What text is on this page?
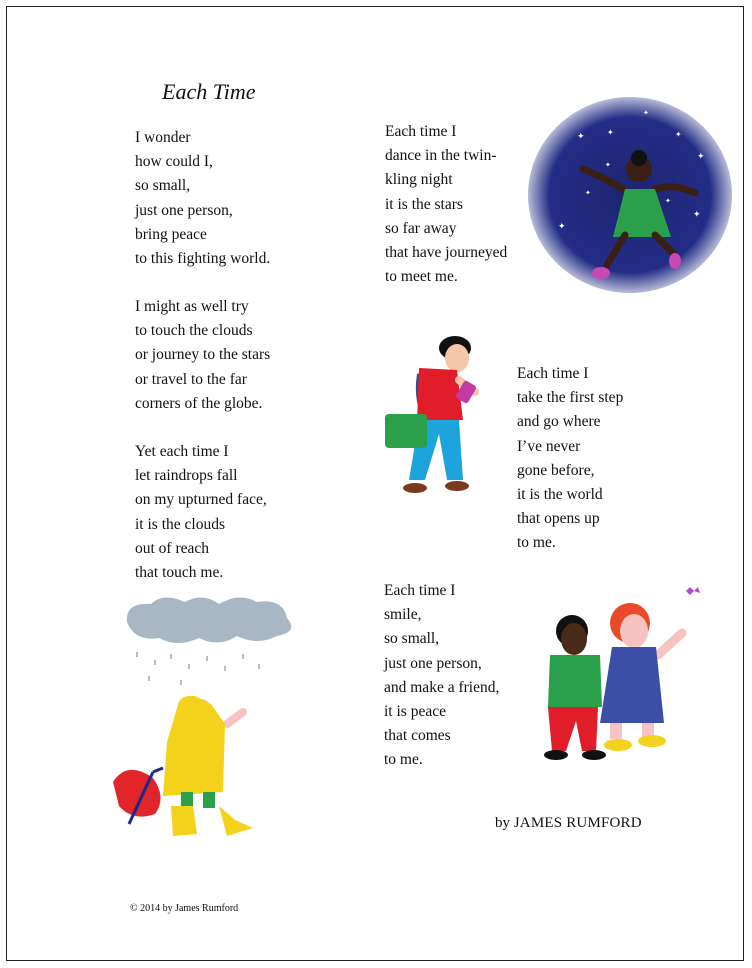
Each Time
I wonder
how could I,
so small,
just one person,
bring peace
to this fighting world.
I might as well try
to touch the clouds
or journey to the stars
or travel to the far
corners of the globe.
Yet each time I
let raindrops fall
on my upturned face,
it is the clouds
out of reach
that touch me.
Each time I
dance in the twin-
kling night
it is the stars
so far away
that have journeyed
to meet me.
Each time I
take the first step
and go where
I’ve never
gone before,
it is the world
that opens up
to me.
Each time I
smile,
so small,
just one person,
and make a friend,
it is peace
that comes
to me.
by JAMES RUMFORD
© 2014 by James Rumford
✦	✦	✦
✦
✦
✦
✦
✦
✦
✦
